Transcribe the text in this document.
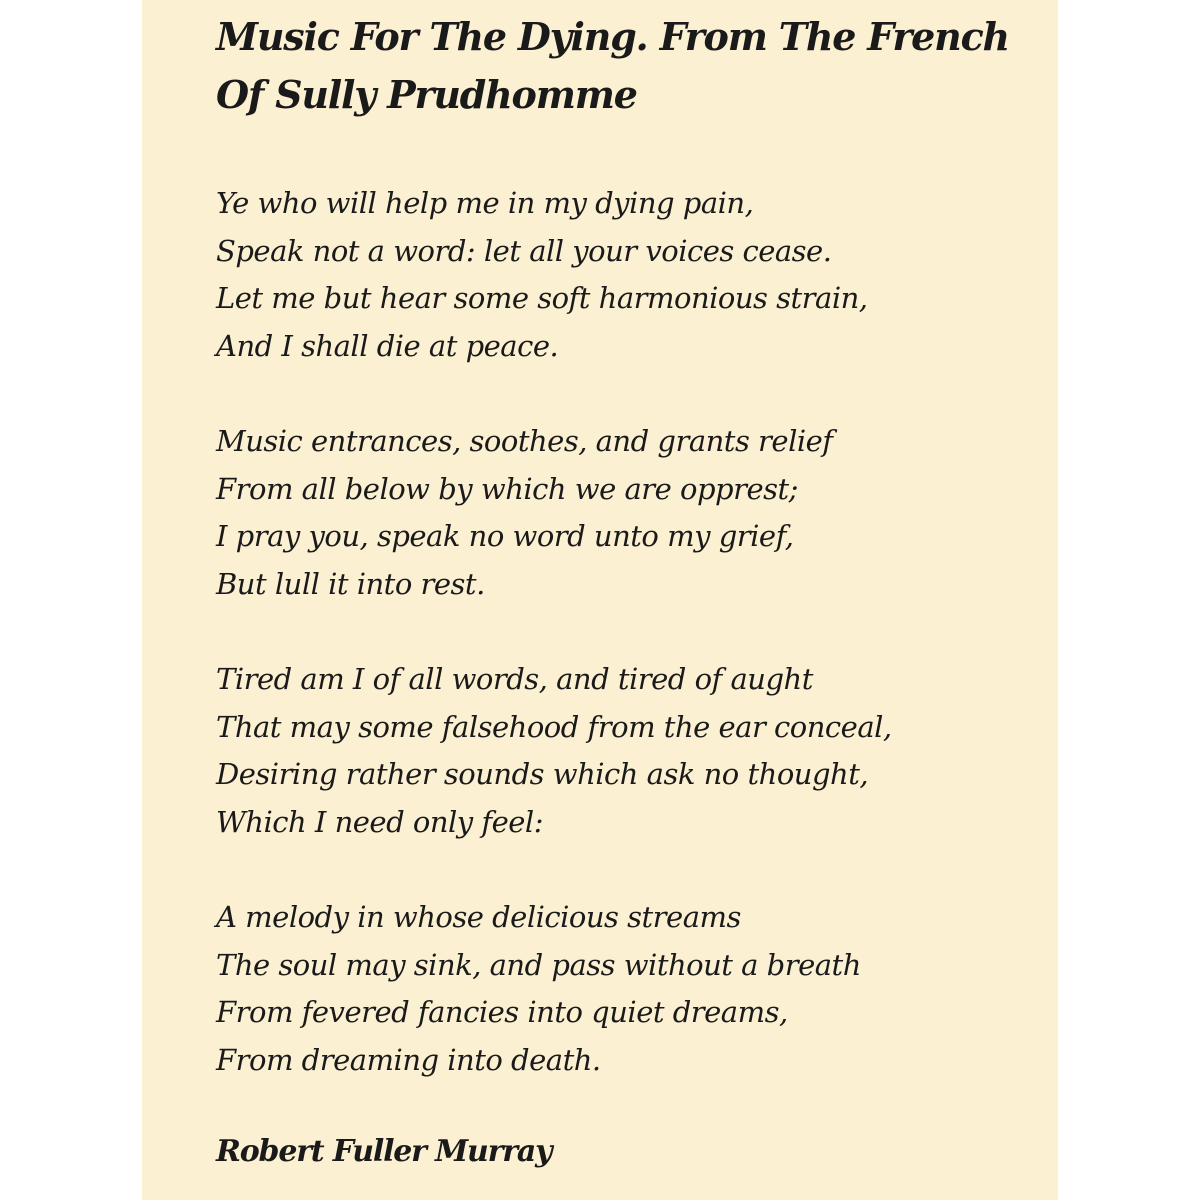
Music For The Dying. From The French Of Sully Prudhomme
Ye who will help me in my dying pain,
Speak not a word: let all your voices cease.
Let me but hear some soft harmonious strain,
And I shall die at peace.
Music entrances, soothes, and grants relief
From all below by which we are opprest;
I pray you, speak no word unto my grief,
But lull it into rest.
Tired am I of all words, and tired of aught
That may some falsehood from the ear conceal,
Desiring rather sounds which ask no thought,
Which I need only feel:
A melody in whose delicious streams
The soul may sink, and pass without a breath
From fevered fancies into quiet dreams,
From dreaming into death.
Robert Fuller Murray
